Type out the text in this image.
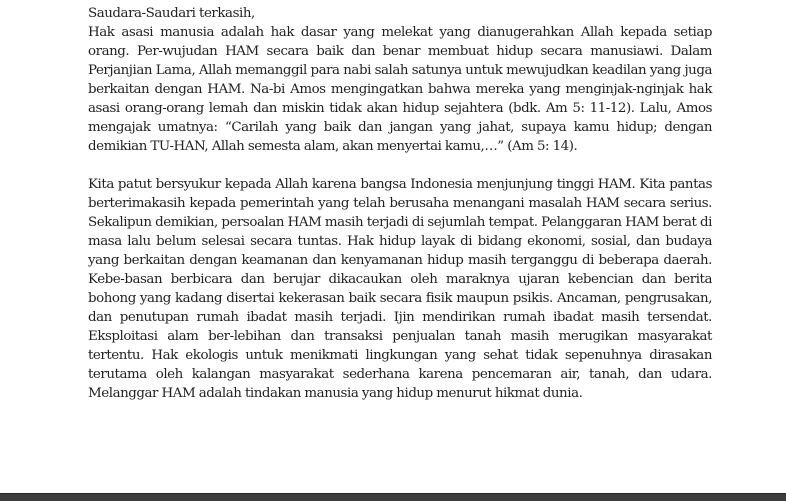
Saudara-Saudari terkasih,
Hak asasi manusia adalah hak dasar yang melekat yang dianugerahkan Allah kepada setiap orang. Per-wujudan HAM secara baik dan benar membuat hidup secara manusiawi. Dalam Perjanjian Lama, Allah memanggil para nabi salah satunya untuk mewujudkan keadilan yang juga berkaitan dengan HAM. Na-bi Amos mengingatkan bahwa mereka yang menginjak-nginjak hak asasi orang-orang lemah dan miskin tidak akan hidup sejahtera (bdk. Am 5: 11-12). Lalu, Amos mengajak umatnya: “Carilah yang baik dan jangan yang jahat, supaya kamu hidup; dengan demikian TU-HAN, Allah semesta alam, akan menyertai kamu,…” (Am 5: 14).

Kita patut bersyukur kepada Allah karena bangsa Indonesia menjunjung tinggi HAM. Kita pantas berterimakasih kepada pemerintah yang telah berusaha menangani masalah HAM secara serius. Sekalipun demikian, persoalan HAM masih terjadi di sejumlah tempat. Pelanggaran HAM berat di masa lalu belum selesai secara tuntas. Hak hidup layak di bidang ekonomi, sosial, dan budaya yang berkaitan dengan keamanan dan kenyamanan hidup masih terganggu di beberapa daerah. Kebe-basan berbicara dan berujar dikacaukan oleh maraknya ujaran kebencian dan berita bohong yang kadang disertai kekerasan baik secara fisik maupun psikis. Ancaman, pengrusakan, dan penutupan rumah ibadat masih terjadi. Ijin mendirikan rumah ibadat masih tersendat. Eksploitasi alam ber-lebihan dan transaksi penjualan tanah masih merugikan masyarakat tertentu. Hak ekologis untuk menikmati lingkungan yang sehat tidak sepenuhnya dirasakan terutama oleh kalangan masyarakat sederhana karena pencemaran air, tanah, dan udara. Melanggar HAM adalah tindakan manusia yang hidup menurut hikmat dunia.
